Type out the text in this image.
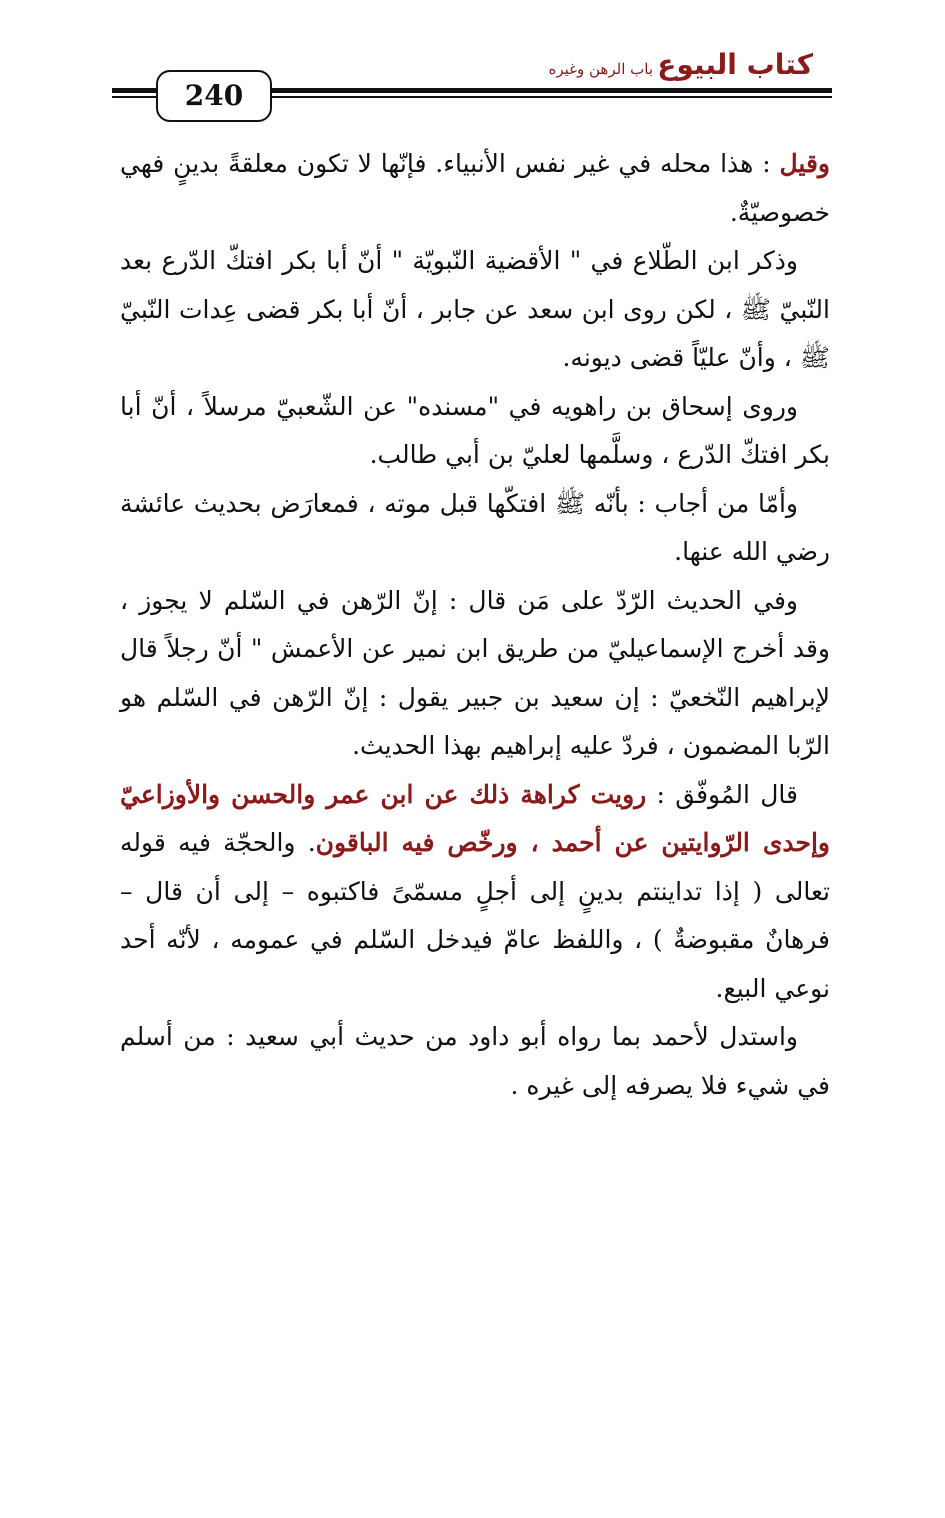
كتاب البيوع
باب الرهن وغيره
240

وقيل : هذا محله في غير نفس الأنبياء. فإنّها لا تكون معلقةً بدينٍ فهي خصوصيّةٌ.

وذكر ابن الطّلاع في " الأقضية النّبويّة " أنّ أبا بكر افتكّ الدّرع بعد النّبيّ ﷺ ، لكن روى ابن سعد عن جابر ، أنّ أبا بكر قضى عِدات النّبيّ ﷺ ، وأنّ عليّاً قضى ديونه.

وروى إسحاق بن راهويه في "مسنده" عن الشّعبيّ مرسلاً ، أنّ أبا بكر افتكّ الدّرع ، وسلَّمها لعليّ بن أبي طالب.

وأمّا من أجاب : بأنّه ﷺ افتكّها قبل موته ، فمعارَض بحديث عائشة رضي الله عنها.

وفي الحديث الرّدّ على مَن قال : إنّ الرّهن في السّلم لا يجوز ، وقد أخرج الإسماعيليّ من طريق ابن نمير عن الأعمش " أنّ رجلاً قال لإبراهيم النّخعيّ : إن سعيد بن جبير يقول : إنّ الرّهن في السّلم هو الرّبا المضمون ، فردّ عليه إبراهيم بهذا الحديث.

قال المُوفّق : رويت كراهة ذلك عن ابن عمر والحسن والأوزاعيّ وإحدى الرّوايتين عن أحمد ، ورخّص فيه الباقون. والحجّة فيه قوله تعالى ( إذا تداينتم بدينٍ إلى أجلٍ مسمّىً فاكتبوه – إلى أن قال – فرهانٌ مقبوضةٌ ) ، واللفظ عامّ فيدخل السّلم في عمومه ، لأنّه أحد نوعي البيع.

واستدل لأحمد بما رواه أبو داود من حديث أبي سعيد : من أسلم في شيء فلا يصرفه إلى غيره .
